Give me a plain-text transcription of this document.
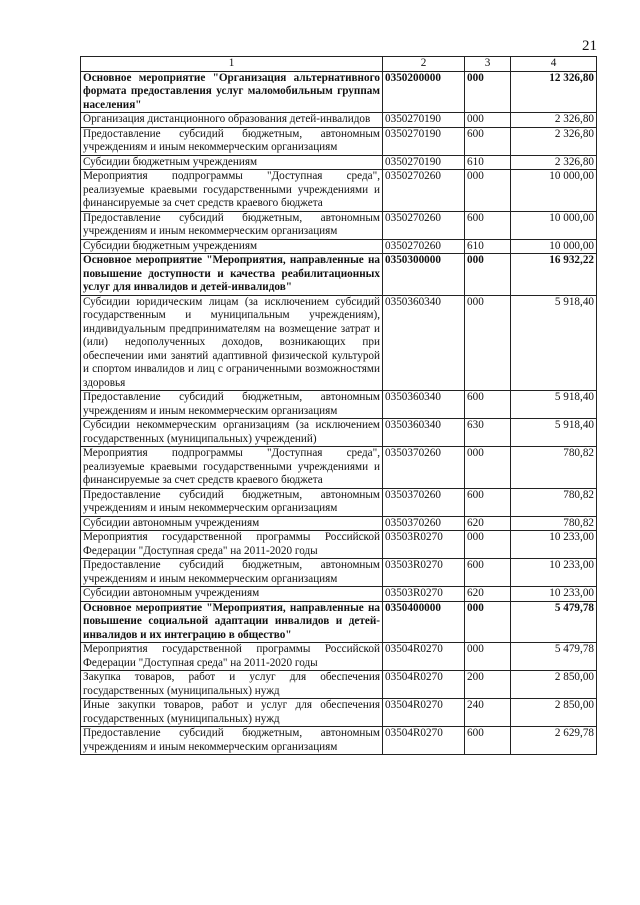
21
1	2	3	4
Основное мероприятие "Организация альтернативного формата предоставления услуг маломобильным группам населения"	0350200000	000	12 326,80
Организация дистанционного образования детей-инвалидов	0350270190	000	2 326,80
Предоставление субсидий бюджетным, автономным учреждениям и иным некоммерческим организациям	0350270190	600	2 326,80
Субсидии бюджетным учреждениям	0350270190	610	2 326,80
Мероприятия подпрограммы "Доступная среда", реализуемые краевыми государственными учреждениями и финансируемые за счет средств краевого бюджета	0350270260	000	10 000,00
Предоставление субсидий бюджетным, автономным учреждениям и иным некоммерческим организациям	0350270260	600	10 000,00
Субсидии бюджетным учреждениям	0350270260	610	10 000,00
Основное мероприятие "Мероприятия, направленные на повышение доступности и качества реабилитационных услуг для инвалидов и детей-инвалидов"	0350300000	000	16 932,22
Субсидии юридическим лицам (за исключением субсидий государственным и муниципальным учреждениям), индивидуальным предпринимателям на возмещение затрат и (или) недополученных доходов, возникающих при обеспечении ими занятий адаптивной физической культурой и спортом инвалидов и лиц с ограниченными возможностями здоровья	0350360340	000	5 918,40
Предоставление субсидий бюджетным, автономным учреждениям и иным некоммерческим организациям	0350360340	600	5 918,40
Субсидии некоммерческим организациям (за исключением государственных (муниципальных) учреждений)	0350360340	630	5 918,40
Мероприятия подпрограммы "Доступная среда", реализуемые краевыми государственными учреждениями и финансируемые за счет средств краевого бюджета	0350370260	000	780,82
Предоставление субсидий бюджетным, автономным учреждениям и иным некоммерческим организациям	0350370260	600	780,82
Субсидии автономным учреждениям	0350370260	620	780,82
Мероприятия государственной программы Российской Федерации "Доступная среда" на 2011-2020 годы	03503R0270	000	10 233,00
Предоставление субсидий бюджетным, автономным учреждениям и иным некоммерческим организациям	03503R0270	600	10 233,00
Субсидии автономным учреждениям	03503R0270	620	10 233,00
Основное мероприятие "Мероприятия, направленные на повышение социальной адаптации инвалидов и детей-инвалидов и их интеграцию в общество"	0350400000	000	5 479,78
Мероприятия государственной программы Российской Федерации "Доступная среда" на 2011-2020 годы	03504R0270	000	5 479,78
Закупка товаров, работ и услуг для обеспечения государственных (муниципальных) нужд	03504R0270	200	2 850,00
Иные закупки товаров, работ и услуг для обеспечения государственных (муниципальных) нужд	03504R0270	240	2 850,00
Предоставление субсидий бюджетным, автономным учреждениям и иным некоммерческим организациям	03504R0270	600	2 629,78
